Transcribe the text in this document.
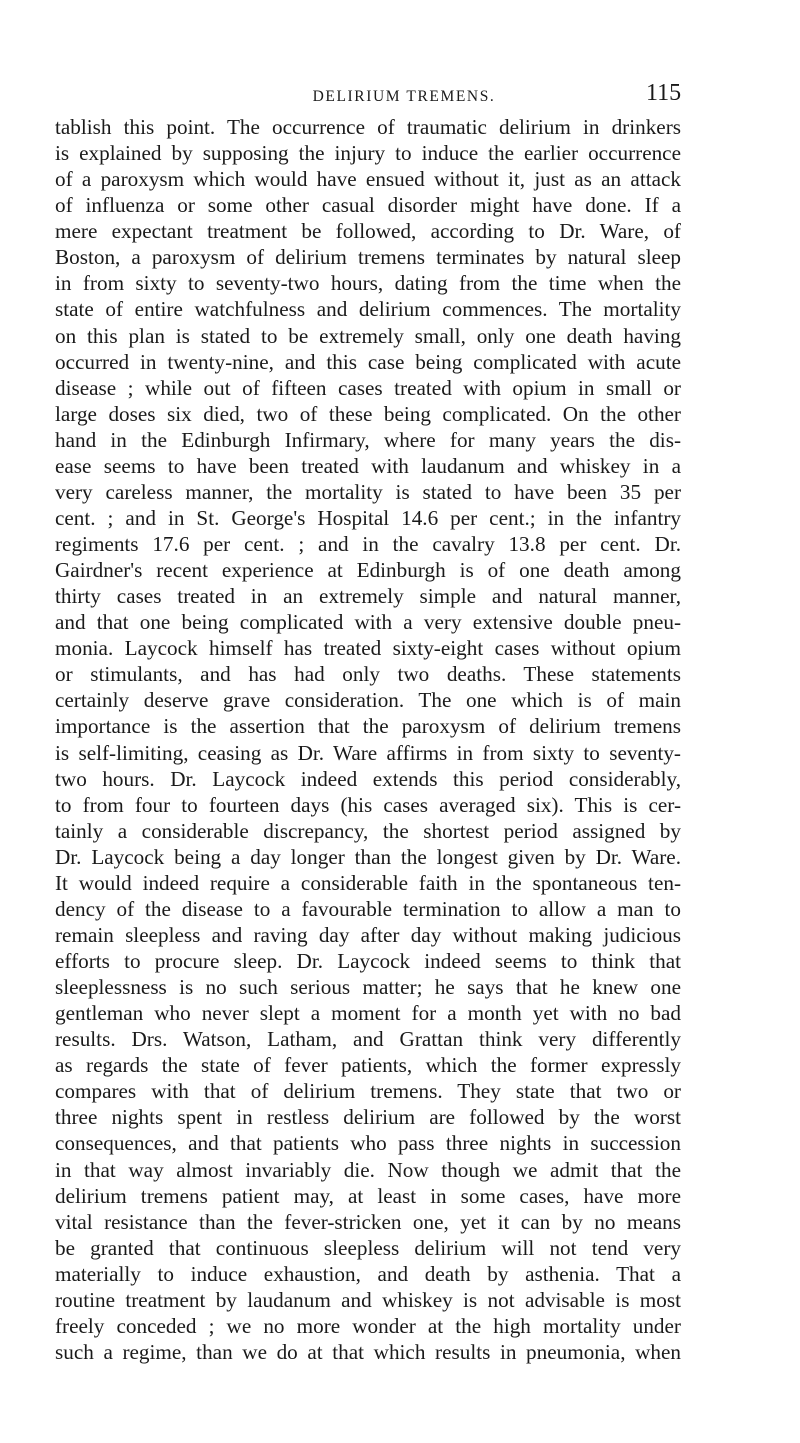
DELIRIUM TREMENS.	115
tablish this point. The occurrence of traumatic delirium in drinkers
is explained by supposing the injury to induce the earlier occurrence
of a paroxysm which would have ensued without it, just as an attack
of influenza or some other casual disorder might have done. If a
mere expectant treatment be followed, according to Dr. Ware, of
Boston, a paroxysm of delirium tremens terminates by natural sleep
in from sixty to seventy-two hours, dating from the time when the
state of entire watchfulness and delirium commences. The mortality
on this plan is stated to be extremely small, only one death having
occurred in twenty-nine, and this case being complicated with acute
disease ; while out of fifteen cases treated with opium in small or
large doses six died, two of these being complicated. On the other
hand in the Edinburgh Infirmary, where for many years the dis-
ease seems to have been treated with laudanum and whiskey in a
very careless manner, the mortality is stated to have been 35 per
cent. ; and in St. George's Hospital 14.6 per cent.; in the infantry
regiments 17.6 per cent. ; and in the cavalry 13.8 per cent. Dr.
Gairdner's recent experience at Edinburgh is of one death among
thirty cases treated in an extremely simple and natural manner,
and that one being complicated with a very extensive double pneu-
monia. Laycock himself has treated sixty-eight cases without opium
or stimulants, and has had only two deaths. These statements
certainly deserve grave consideration. The one which is of main
importance is the assertion that the paroxysm of delirium tremens
is self-limiting, ceasing as Dr. Ware affirms in from sixty to seventy-
two hours. Dr. Laycock indeed extends this period considerably,
to from four to fourteen days (his cases averaged six). This is cer-
tainly a considerable discrepancy, the shortest period assigned by
Dr. Laycock being a day longer than the longest given by Dr. Ware.
It would indeed require a considerable faith in the spontaneous ten-
dency of the disease to a favourable termination to allow a man to
remain sleepless and raving day after day without making judicious
efforts to procure sleep. Dr. Laycock indeed seems to think that
sleeplessness is no such serious matter; he says that he knew one
gentleman who never slept a moment for a month yet with no bad
results. Drs. Watson, Latham, and Grattan think very differently
as regards the state of fever patients, which the former expressly
compares with that of delirium tremens. They state that two or
three nights spent in restless delirium are followed by the worst
consequences, and that patients who pass three nights in succession
in that way almost invariably die. Now though we admit that the
delirium tremens patient may, at least in some cases, have more
vital resistance than the fever-stricken one, yet it can by no means
be granted that continuous sleepless delirium will not tend very
materially to induce exhaustion, and death by asthenia. That a
routine treatment by laudanum and whiskey is not advisable is most
freely conceded ; we no more wonder at the high mortality under
such a regime, than we do at that which results in pneumonia, when
